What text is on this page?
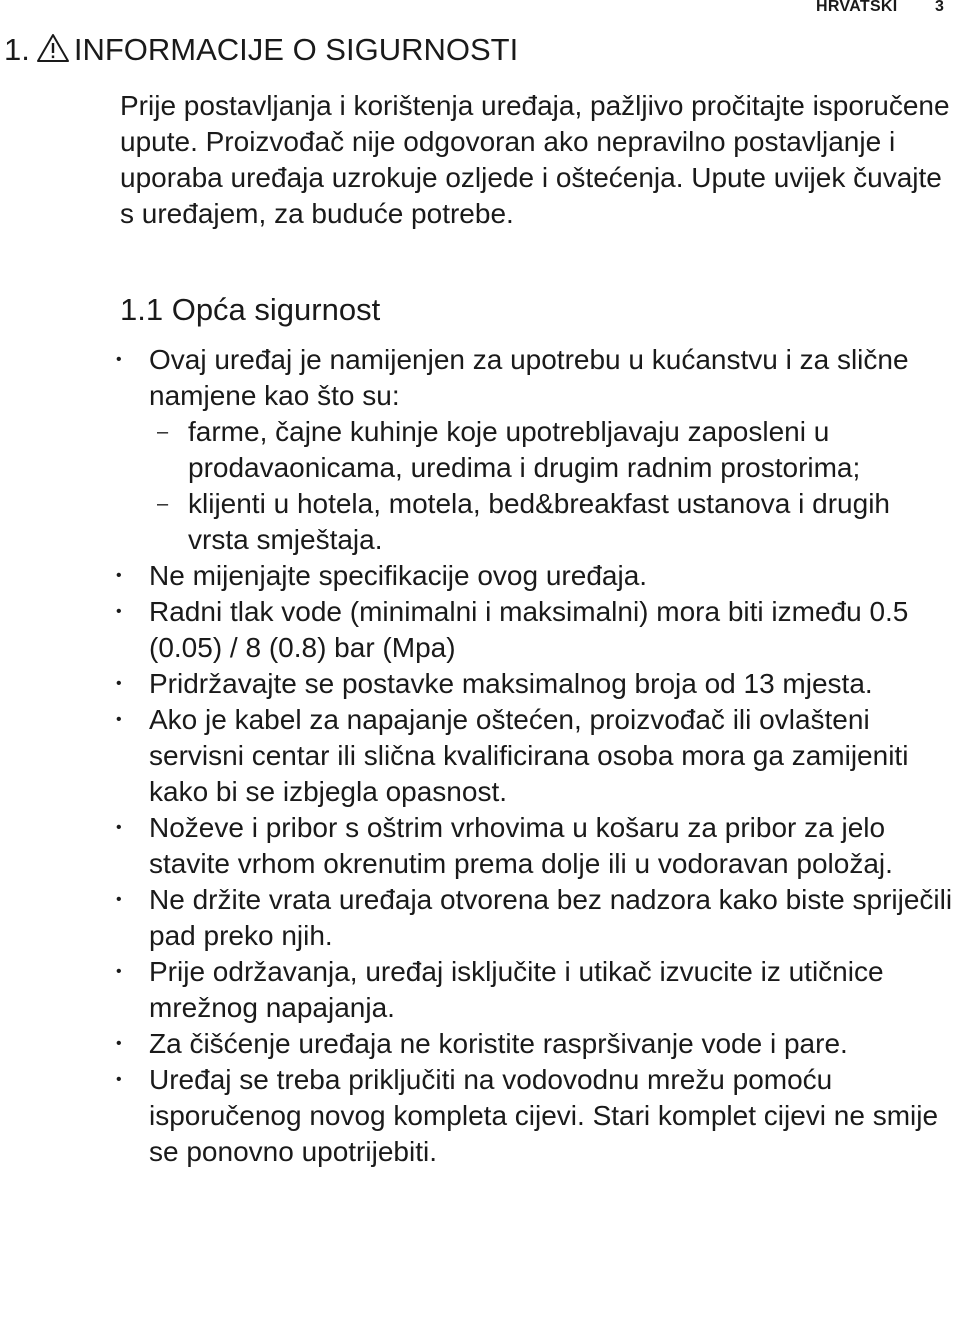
HRVATSKI 3
1. INFORMACIJE O SIGURNOSTI

Prije postavljanja i korištenja uređaja, pažljivo pročitajte isporučene upute. Proizvođač nije odgovoran ako nepravilno postavljanje i uporaba uređaja uzrokuje ozljede i oštećenja. Upute uvijek čuvajte s uređajem, za buduće potrebe.

1.1 Opća sigurnost
• Ovaj uređaj je namijenjen za upotrebu u kućanstvu i za slične namjene kao što su:
– farme, čajne kuhinje koje upotrebljavaju zaposleni u prodavaonicama, uredima i drugim radnim prostorima;
– klijenti u hotela, motela, bed&breakfast ustanova i drugih vrsta smještaja.
• Ne mijenjajte specifikacije ovog uređaja.
• Radni tlak vode (minimalni i maksimalni) mora biti između 0.5 (0.05) / 8 (0.8) bar (Mpa)
• Pridržavajte se postavke maksimalnog broja od 13 mjesta.
• Ako je kabel za napajanje oštećen, proizvođač ili ovlašteni servisni centar ili slična kvalificirana osoba mora ga zamijeniti kako bi se izbjegla opasnost.
• Noževe i pribor s oštrim vrhovima u košaru za pribor za jelo stavite vrhom okrenutim prema dolje ili u vodoravan položaj.
• Ne držite vrata uređaja otvorena bez nadzora kako biste spriječili pad preko njih.
• Prije održavanja, uređaj isključite i utikač izvucite iz utičnice mrežnog napajanja.
• Za čišćenje uređaja ne koristite raspršivanje vode i pare.
• Uređaj se treba priključiti na vodovodnu mrežu pomoću isporučenog novog kompleta cijevi. Stari komplet cijevi ne smije se ponovno upotrijebiti.
